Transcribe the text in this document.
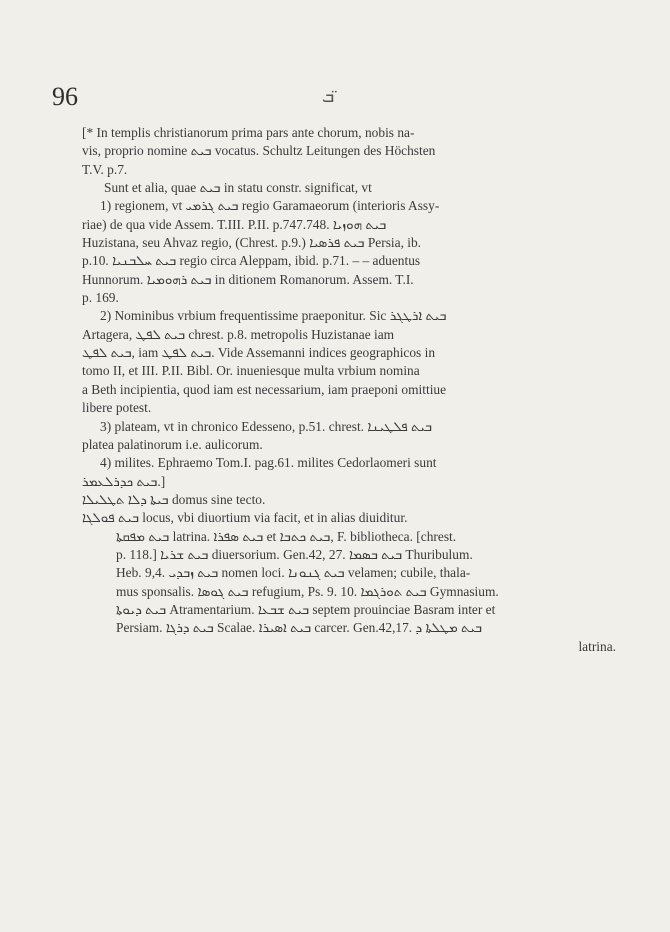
96	ܒ ̈
[* In templis christianorum prima pars ante chorum, nobis na-
vis, proprio nomine ܒܝܬ vocatus. Schultz Leitungen des Höchsten
T.V. p.7.
Sunt et alia, quae ܒܝܬ in statu constr. significat, vt
1) regionem, vt ܒܝܬ ܓܪܡܝ regio Garamaeorum (interioris Assy-
riae) de qua vide Assem. T.III. P.II. p.747.748. ܒܝܬ ܗܘܙܝܐ
Huzistana, seu Ahvaz regio, (Chrest. p.9.) ܒܝܬ ܦܪܣܝܐ Persia, ib.
p.10. ܒܝܬ ܚܠܒܢܝܐ regio circa Aleppam, ibid. p.71. – – aduentus
Hunnorum. ܒܝܬ ܪܗܘܡܝܐ in ditionem Romanorum. Assem. T.I.
p. 169.
2) Nominibus vrbium frequentissime praeponitur. Sic ܒܝܬ ܐܪܛܓܪ
Artagera, ܒܝܬ ܠܦܛ chrest. p.8. metropolis Huzistanae iam
ܒܝܬ ܠܦܛ, iam ܒܝܬ ܠܦܛ. Vide Assemanni indices geographicos in
tomo II, et III. P.II. Bibl. Or. inueniesque multa vrbium nomina
a Beth incipientia, quod iam est necessarium, iam praeponi omittiue
libere potest.
3) plateam, vt in chronico Edesseno, p.51. chrest. ܒܝܬ ܦܠܛܝܢܐ
platea palatinorum i.e. aulicorum.
4) milites. Ephraemo Tom.I. pag.61. milites Cedorlaomeri sunt
ܒܝܬ ܟܕܪܠܥܡܪ.]
ܒܝܬܐ ܕܠܐ ܬܛܠܝܠܐ domus sine tecto.
ܒܝܬ ܦܘܠܓܐ locus, vbi diuortium via facit, et in alias diuiditur.
ܒܝܬ ܡܦܩܬܐ latrina. ܒܝܬ ܣܦܪܐ et ܒܝܬ ܟܬܒܐ, F. bibliotheca. [chrest.
p. 118.] ܒܝܬ ܫܪܝܐ diuersorium. Gen.42, 27. ܒܝܬ ܒܣܡܐ Thuribulum.
Heb. 9,4. ܒܝܬ ܙܒܕܝ nomen loci. ܒܝܬ ܓܢܘܢܐ velamen; cubile, thala-
mus sponsalis. ܒܝܬ ܓܘܣܐ refugium, Ps. 9. 10. ܒܝܬ ܬܘܪܓܡܐ Gymnasium.
ܒܝܬ ܕܝܘܬܐ Atramentarium. ܒܝܬ ܫܒܥܐ septem prouinciae Basram inter et
Persiam. ܒܝܬ ܕܪܓܐ Scalae. ܒܝܬ ܐܣܝܪܐ carcer. Gen.42,17. ܒܝܬ ܡܛܠܬܐ ܕ
latrina.
